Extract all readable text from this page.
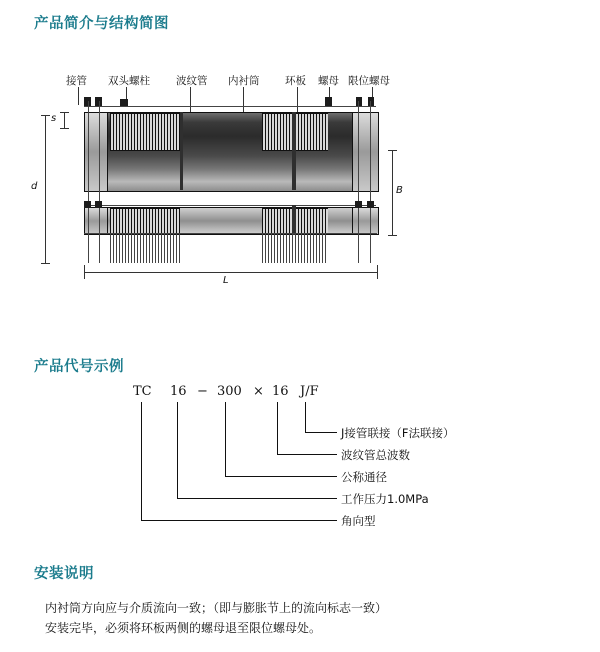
产品简介与结构简图
产品代号示例
安装说明
接管 双头螺柱 波纹管 内衬筒 环板 螺母 限位螺母
s
d	B
L
TC 16 − 300 × 16 J/F
J接管联接（F法联接）
波纹管总波数
公称通径
工作压力1.0MPa
角向型
内衬筒方向应与介质流向一致；（即与膨胀节上的流向标志一致）
安装完毕，必须将环板两侧的螺母退至限位螺母处。
